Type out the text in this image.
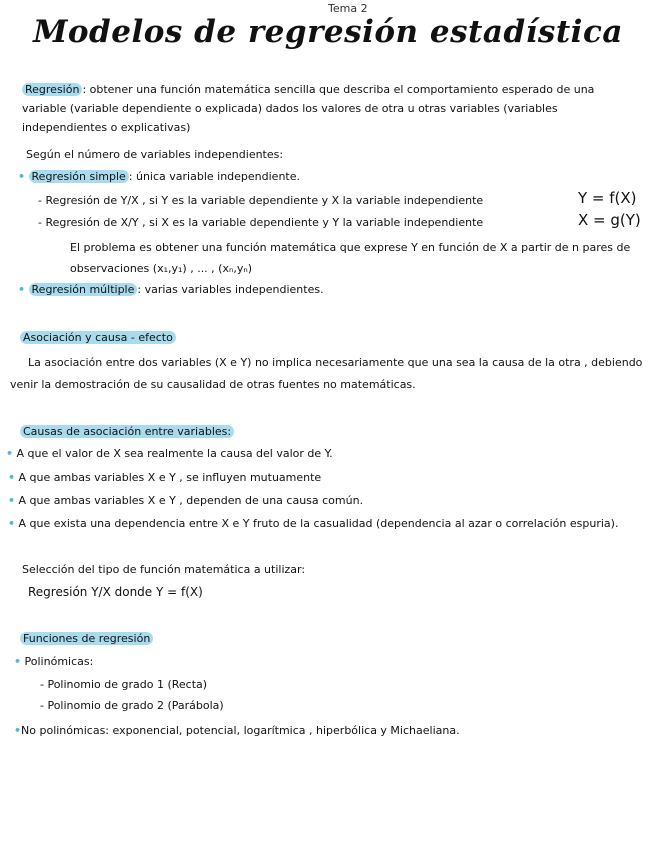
Tema 2
Modelos de regresión estadística
Regresión : obtener una función matemática sencilla que describa el comportamiento esperado de una variable (variable dependiente o explicada) dados los valores de otra u otras variables (variables independientes o explicativas)
Según el número de variables independientes:
• Regresión simple : única variable independiente.
- Regresión de Y/X , si Y es la variable dependiente y X la variable independiente	Y = f(X)
- Regresión de X/Y , si X es la variable dependiente y Y la variable independiente	X = g(Y)
El problema es obtener una función matemática que exprese Y en función de X a partir de n pares de observaciones (x₁,y₁) , ... , (xₙ,yₙ)
• Regresión múltiple : varias variables independientes.
Asociación y causa - efecto
La asociación entre dos variables (X e Y) no implica necesariamente que una sea la causa de la otra , debiendo venir la demostración de su causalidad de otras fuentes no matemáticas.
Causas de asociación entre variables:
• A que el valor de X sea realmente la causa del valor de Y.
• A que ambas variables X e Y , se influyen mutuamente
• A que ambas variables X e Y , dependen de una causa común.
• A que exista una dependencia entre X e Y fruto de la casualidad (dependencia al azar o correlación espuria).
Selección del tipo de función matemática a utilizar:
Regresión Y/X donde Y = f(X)
Funciones de regresión
• Polinómicas:
- Polinomio de grado 1 (Recta)
- Polinomio de grado 2 (Parábola)
•No polinómicas: exponencial, potencial, logarítmica , hiperbólica y Michaeliana.
